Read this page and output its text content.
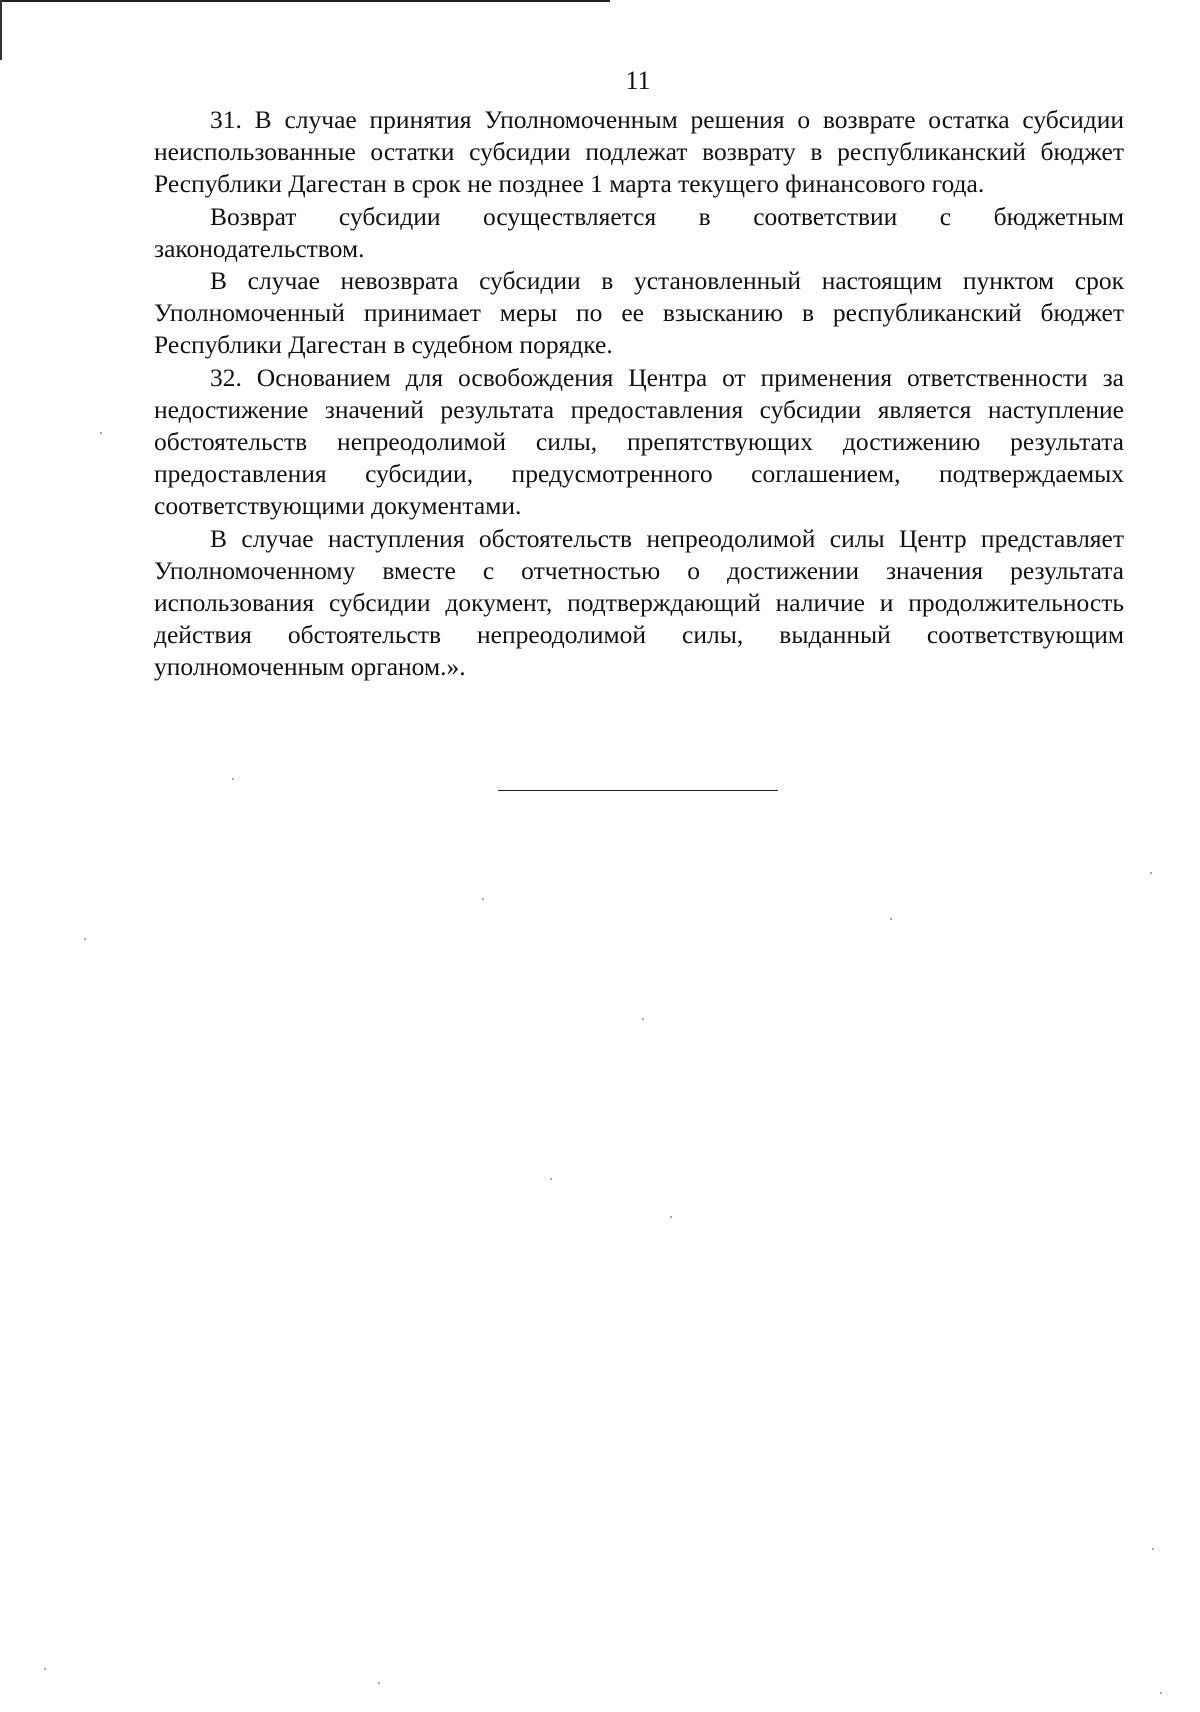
11

31. В случае принятия Уполномоченным решения о возврате остатка субсидии неиспользованные остатки субсидии подлежат возврату в республиканский бюджет Республики Дагестан в срок не позднее 1 марта текущего финансового года.

Возврат субсидии осуществляется в соответствии с бюджетным законодательством.

В случае невозврата субсидии в установленный настоящим пунктом срок Уполномоченный принимает меры по ее взысканию в республиканский бюджет Республики Дагестан в судебном порядке.

32. Основанием для освобождения Центра от применения ответственности за недостижение значений результата предоставления субсидии является наступление обстоятельств непреодолимой силы, препятствующих достижению результата предоставления субсидии, предусмотренного соглашением, подтверждаемых соответствующими документами.

В случае наступления обстоятельств непреодолимой силы Центр представляет Уполномоченному вместе с отчетностью о достижении значения результата использования субсидии документ, подтверждающий наличие и продолжительность действия обстоятельств непреодолимой силы, выданный соответствующим уполномоченным органом.».
